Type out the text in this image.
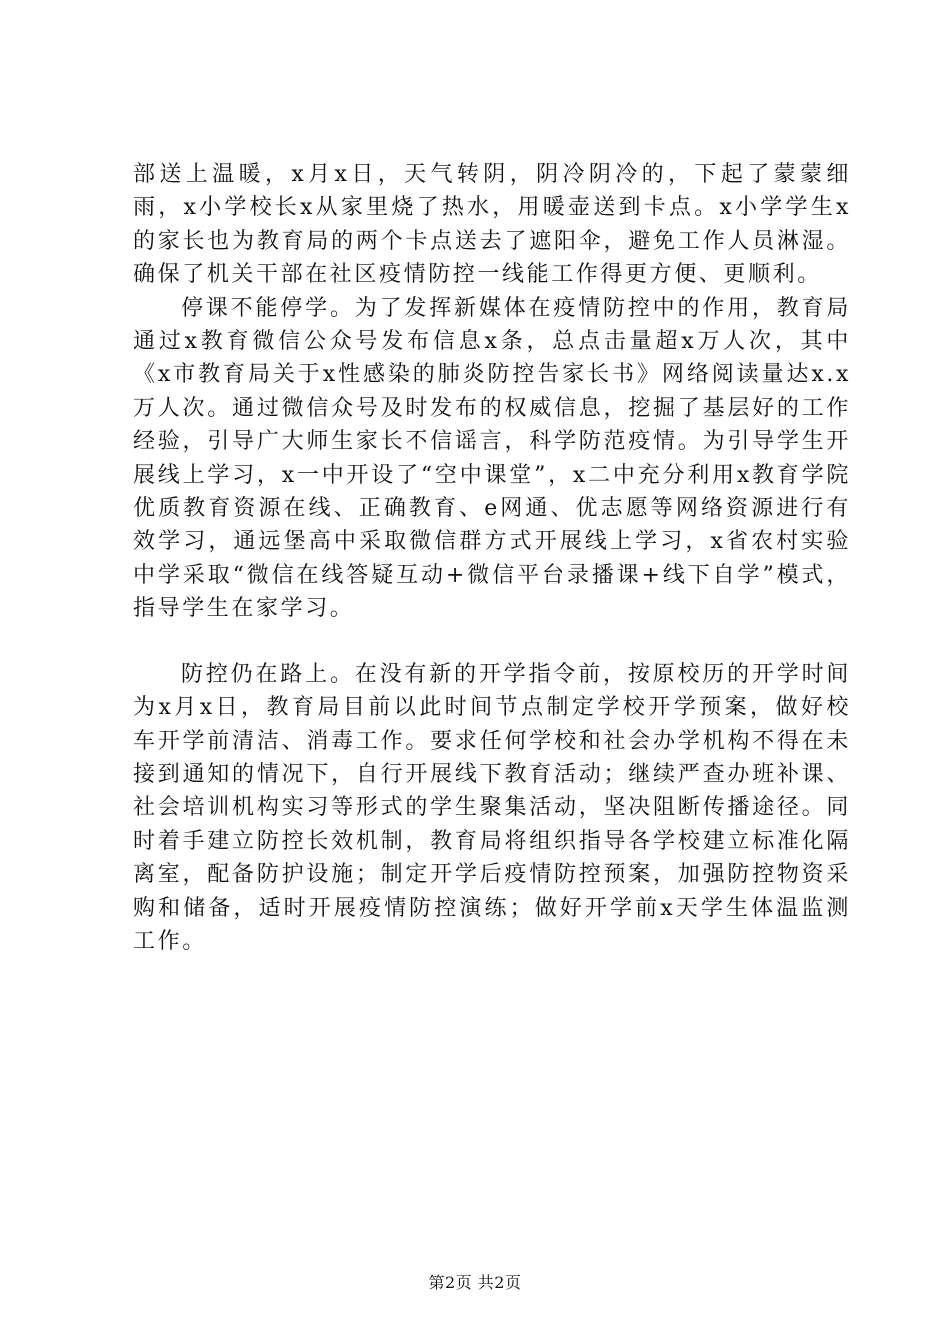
部送上温暖，x月x日，天气转阴，阴冷阴冷的，下起了蒙蒙细雨，x小学校长x从家里烧了热水，用暖壶送到卡点。x小学学生x的家长也为教育局的两个卡点送去了遮阳伞，避免工作人员淋湿。确保了机关干部在社区疫情防控一线能工作得更方便、更顺利。

停课不能停学。为了发挥新媒体在疫情防控中的作用，教育局通过x教育微信公众号发布信息x条，总点击量超x万人次，其中《x市教育局关于x性感染的肺炎防控告家长书》网络阅读量达x.x万人次。通过微信众号及时发布的权威信息，挖掘了基层好的工作经验，引导广大师生家长不信谣言，科学防范疫情。为引导学生开展线上学习，x一中开设了“空中课堂”，x二中充分利用x教育学院优质教育资源在线、正确教育、e网通、优志愿等网络资源进行有效学习，通远堡高中采取微信群方式开展线上学习，x省农村实验中学采取“微信在线答疑互动+微信平台录播课+线下自学”模式，指导学生在家学习。

防控仍在路上。在没有新的开学指令前，按原校历的开学时间为x月x日，教育局目前以此时间节点制定学校开学预案，做好校车开学前清洁、消毒工作。要求任何学校和社会办学机构不得在未接到通知的情况下，自行开展线下教育活动；继续严查办班补课、社会培训机构实习等形式的学生聚集活动，坚决阻断传播途径。同时着手建立防控长效机制，教育局将组织指导各学校建立标准化隔离室，配备防护设施；制定开学后疫情防控预案，加强防控物资采购和储备，适时开展疫情防控演练；做好开学前x天学生体温监测工作。

第2页 共2页
